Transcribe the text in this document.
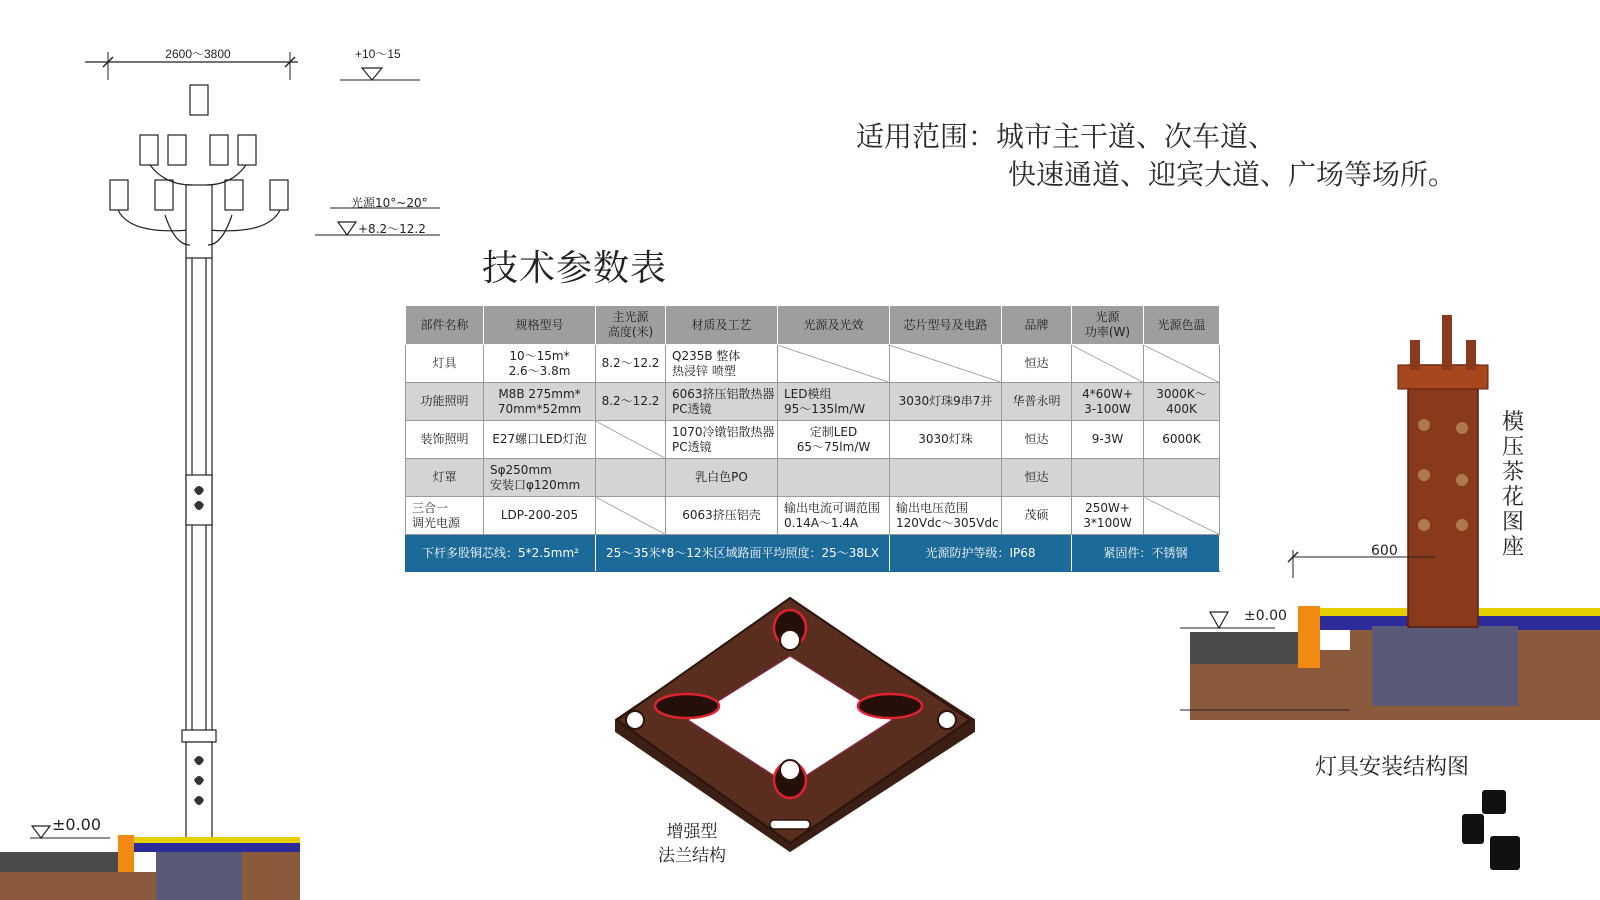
适用范围：城市主干道、次车道、
快速通道、迎宾大道、广场等场所。
技术参数表
部件名称	规格型号	主光源
高度(米)	材质及工艺	光源及光效	芯片型号及电路	品牌	光源
功率(W)	光源色温
灯具	10～15m*
2.6～3.8m	8.2～12.2	Q235B 整体
热浸锌 喷塑			恒达		
功能照明	M8B 275mm*
70mm*52mm	8.2～12.2	6063挤压铝散热器
PC透镜	LED模组
95～135lm/W	3030灯珠9串7并	华普永明	4*60W+
3-100W	3000K～
400K
装饰照明	E27螺口LED灯泡		1070冷镦铝散热器
PC透镜	定制LED
65～75lm/W	3030灯珠	恒达	9-3W	6000K
灯罩	Sφ250mm
安装口φ120mm		乳白色PO			恒达		
三合一
调光电源	LDP-200-205		6063挤压铝壳	输出电流可调范围
0.14A～1.4A	输出电压范围
120Vdc～305Vdc	茂硕	250W+
3*100W	
下杆多股铜芯线：5*2.5mm²		25～35米*8～12米区域路面平均照度：25～38LX			光源防护等级：IP68		紧固件：不锈钢	
2600～3800	+10～15
光源10°~20°
+8.2～12.2
±0.00	增强型
法兰结构
600
±0.00
模
压
茶
花
图
座
灯具安装结构图
